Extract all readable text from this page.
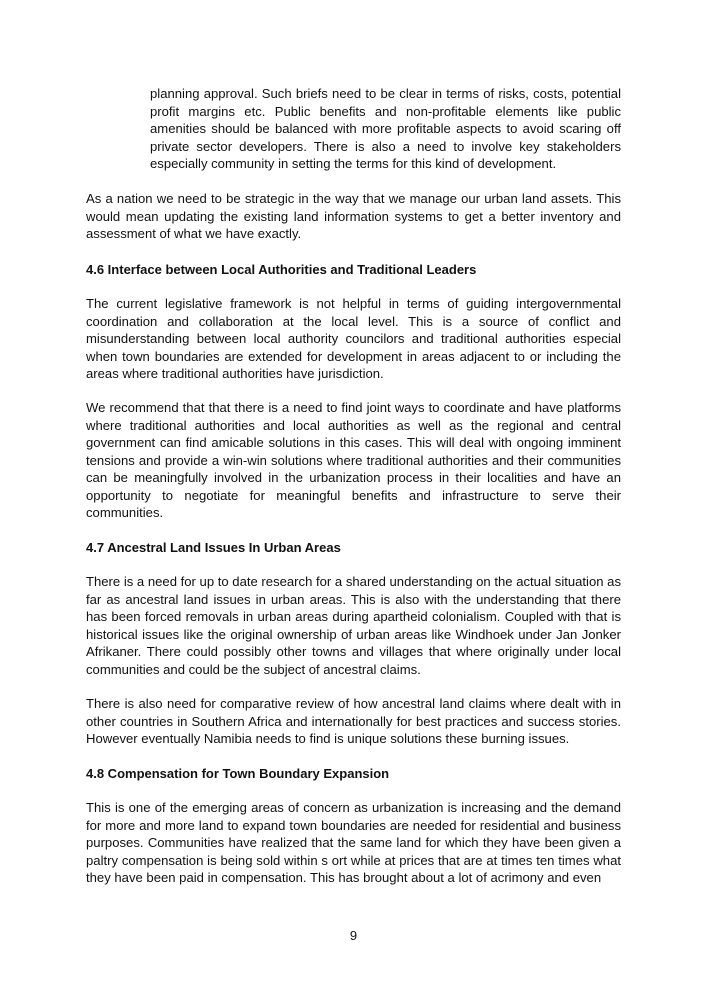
planning approval. Such briefs need to be clear in terms of risks, costs, potential profit margins etc. Public benefits and non-profitable elements like public amenities should be balanced with more profitable aspects to avoid scaring off private sector developers. There is also a need to involve key stakeholders especially community in setting the terms for this kind of development.

As a nation we need to be strategic in the way that we manage our urban land assets. This would mean updating the existing land information systems to get a better inventory and assessment of what we have exactly.

4.6 Interface between Local Authorities and Traditional Leaders

The current legislative framework is not helpful in terms of guiding intergovernmental coordination and collaboration at the local level. This is a source of conflict and misunderstanding between local authority councilors and traditional authorities especial when town boundaries are extended for development in areas adjacent to or including the areas where traditional authorities have jurisdiction.

We recommend that that there is a need to find joint ways to coordinate and have platforms where traditional authorities and local authorities as well as the regional and central government can find amicable solutions in this cases. This will deal with ongoing imminent tensions and provide a win-win solutions where traditional authorities and their communities can be meaningfully involved in the urbanization process in their localities and have an opportunity to negotiate for meaningful benefits and infrastructure to serve their communities.

4.7 Ancestral Land Issues In Urban Areas

There is a need for up to date research for a shared understanding on the actual situation as far as ancestral land issues in urban areas. This is also with the understanding that there has been forced removals in urban areas during apartheid colonialism. Coupled with that is historical issues like the original ownership of urban areas like Windhoek under Jan Jonker Afrikaner. There could possibly other towns and villages that where originally under local communities and could be the subject of ancestral claims.

There is also need for comparative review of how ancestral land claims where dealt with in other countries in Southern Africa and internationally for best practices and success stories. However eventually Namibia needs to find is unique solutions these burning issues.

4.8 Compensation for Town Boundary Expansion

This is one of the emerging areas of concern as urbanization is increasing and the demand for more and more land to expand town boundaries are needed for residential and business purposes. Communities have realized that the same land for which they have been given a paltry compensation is being sold within s ort while at prices that are at times ten times what they have been paid in compensation. This has brought about a lot of acrimony and even

9
